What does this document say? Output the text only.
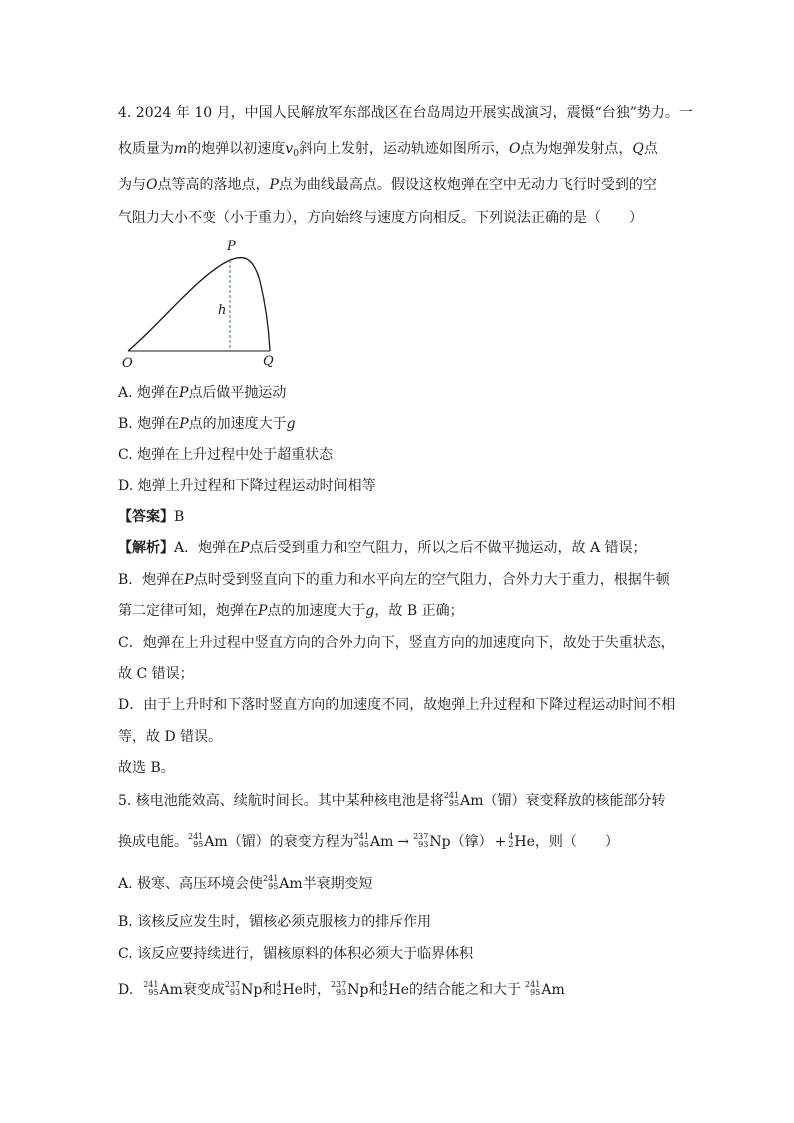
4. 2024 年 10 月，中国人民解放军东部战区在台岛周边开展实战演习，震慑“台独”势力。一
枚质量为m的炮弹以初速度$v_0$斜向上发射，运动轨迹如图所示，O点为炮弹发射点，Q点
为与O点等高的落地点，P点为曲线最高点。假设这枚炮弹在空中无动力飞行时受到的空
气阻力大小不变（小于重力），方向始终与速度方向相反。下列说法正确的是（　　）
P
h
O	Q
A. 炮弹在P点后做平抛运动
B. 炮弹在P点的加速度大于g
C. 炮弹在上升过程中处于超重状态
D. 炮弹上升过程和下降过程运动时间相等
【答案】B
【解析】A．炮弹在P点后受到重力和空气阻力，所以之后不做平抛运动，故 A 错误；
B．炮弹在P点时受到竖直向下的重力和水平向左的空气阻力，合外力大于重力，根据牛顿
第二定律可知，炮弹在P点的加速度大于g，故 B 正确；
C．炮弹在上升过程中竖直方向的合外力向下，竖直方向的加速度向下，故处于失重状态，
故 C 错误；
D．由于上升时和下落时竖直方向的加速度不同，故炮弹上升过程和下降过程运动时间不相
等，故 D 错误。
故选 B。
5. 核电池能效高、续航时间长。其中某种核电池是将 241
95 Am（镅）衰变释放的核能部分转
换成电能。 241
95 Am（镅）的衰变方程为 241
95 Am → 237
93 Np（镎） + 4
2 He，则（　　）
A. 极寒、高压环境会使 241
95 Am半衰期变短
B. 该核反应发生时，镅核必须克服核力的排斥作用
C. 该反应要持续进行，镅核原料的体积必须大于临界体积
D. 241
95 Am衰变成 237
93 Np和 4
2 He时， 237
93 Np和 4
2 He的结合能之和大于 241
95 Am
